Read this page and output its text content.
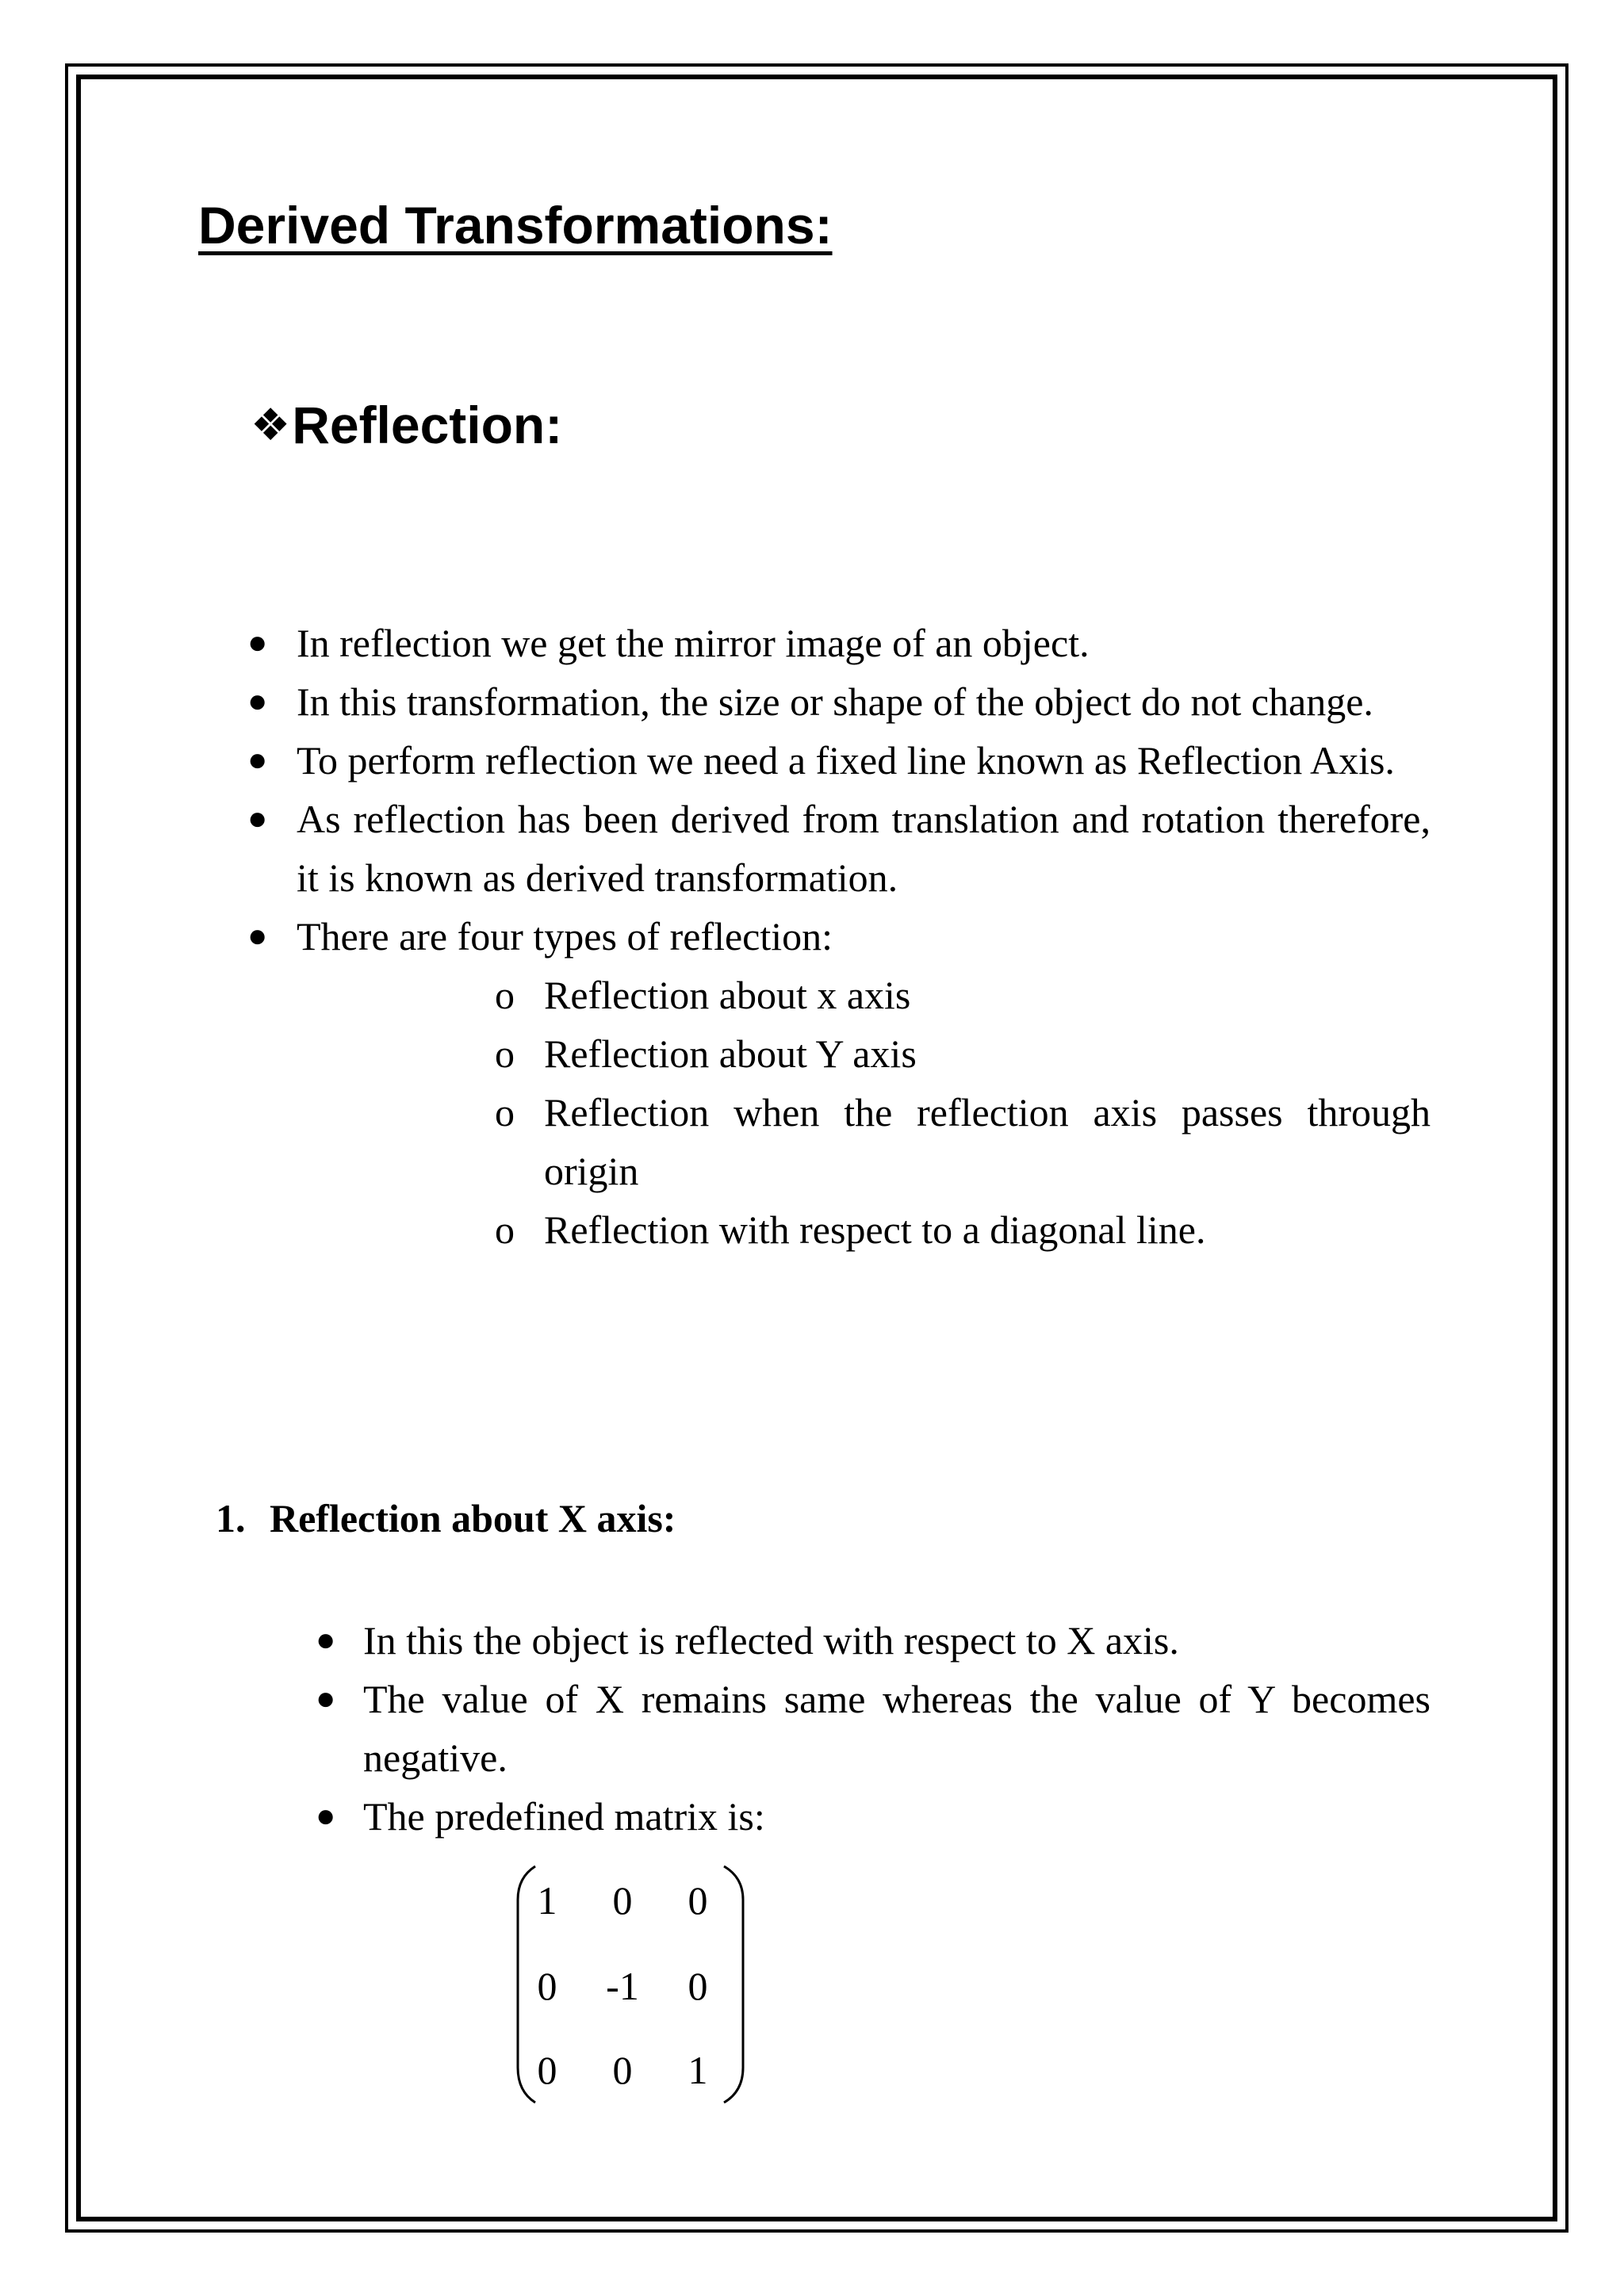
Derived Transformations:
❖ Reflection:
● In reflection we get the mirror image of an object.
● In this transformation, the size or shape of the object do not change.
● To perform reflection we need a fixed line known as Reflection Axis.
● As reflection has been derived from translation and rotation therefore, it is known as derived transformation.
● There are four types of reflection:
o Reflection about x axis
o Reflection about Y axis
o Reflection when the reflection axis passes through origin
o Reflection with respect to a diagonal line.
1. Reflection about X axis:
● In this the object is reflected with respect to X axis.
● The value of X remains same whereas the value of Y becomes negative.
● The predefined matrix is:
1	0	0
0	-1	0
0	0	1
